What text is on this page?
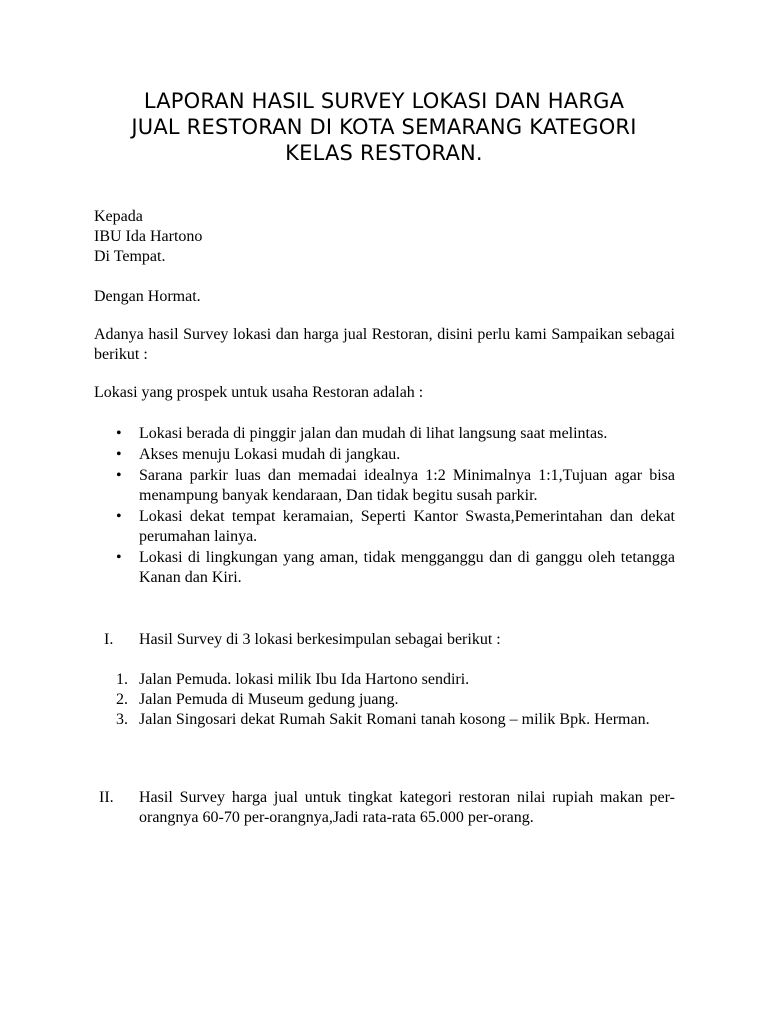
LAPORAN HASIL SURVEY LOKASI DAN HARGA
JUAL RESTORAN DI KOTA SEMARANG KATEGORI
KELAS RESTORAN.
Kepada
IBU Ida Hartono
Di Tempat.
Dengan Hormat.
Adanya hasil Survey lokasi dan harga jual Restoran, disini perlu kami Sampaikan sebagai berikut :
Lokasi yang prospek untuk usaha Restoran adalah :
•	Lokasi berada di pinggir jalan dan mudah di lihat langsung saat melintas.
•	Akses menuju Lokasi mudah di jangkau.
•	Sarana parkir luas dan memadai idealnya 1:2 Minimalnya 1:1,Tujuan agar bisa menampung banyak kendaraan, Dan tidak begitu susah parkir.
•	Lokasi dekat tempat keramaian, Seperti Kantor Swasta,Pemerintahan dan dekat perumahan lainya.
•	Lokasi di lingkungan yang aman, tidak mengganggu dan di ganggu oleh tetangga Kanan dan Kiri.
I.	Hasil Survey di 3 lokasi berkesimpulan sebagai berikut :
1. Jalan Pemuda. lokasi milik Ibu Ida Hartono sendiri.
2. Jalan Pemuda di Museum gedung juang.
3. Jalan Singosari dekat Rumah Sakit Romani tanah kosong – milik Bpk. Herman.
II.	Hasil Survey harga jual untuk tingkat kategori restoran nilai rupiah makan per-orangnya 60-70 per-orangnya,Jadi rata-rata 65.000 per-orang.
